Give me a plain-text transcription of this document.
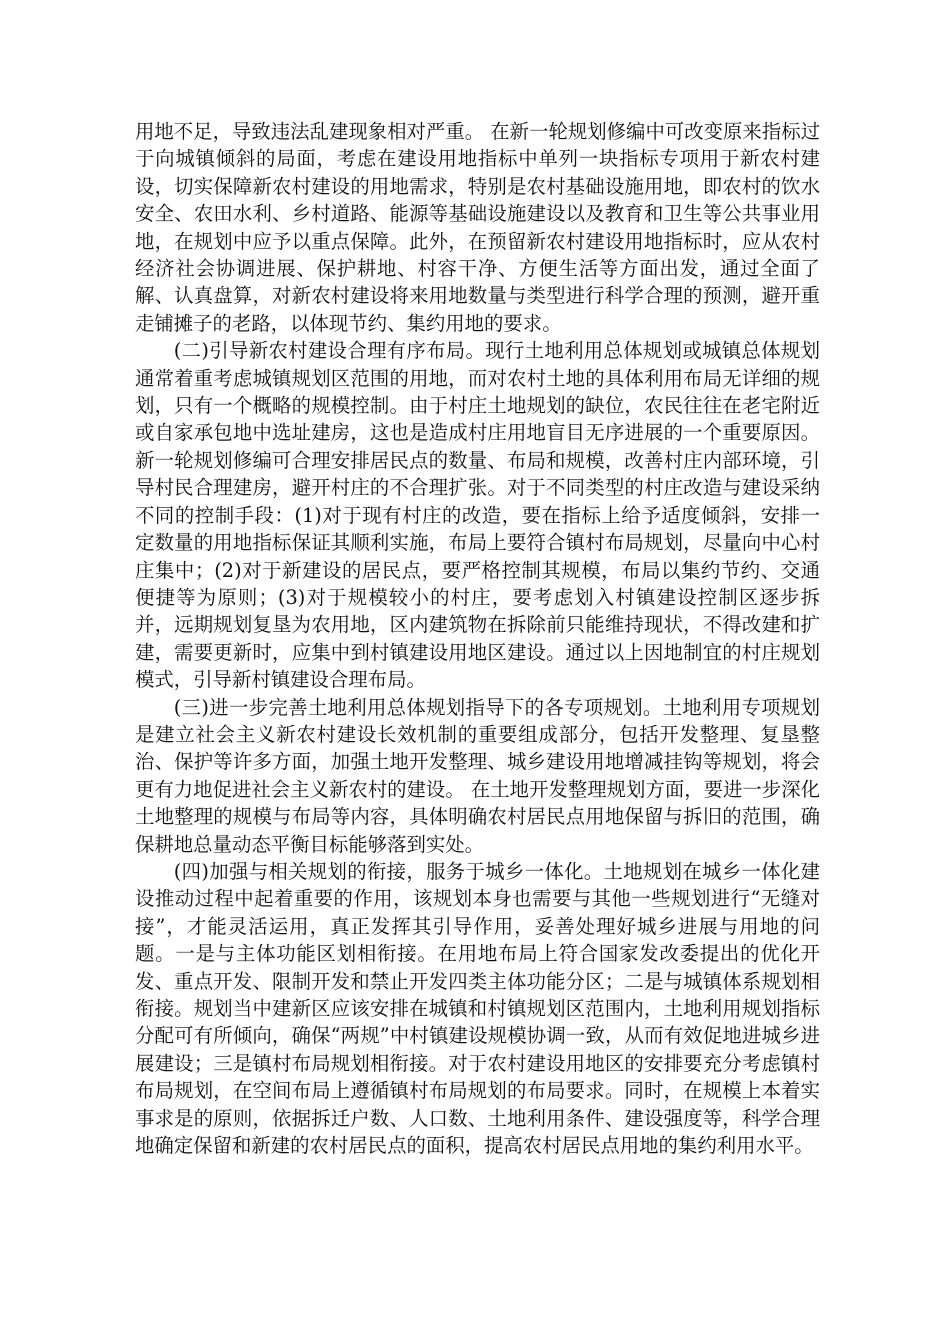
用地不足，导致违法乱建现象相对严重。 在新一轮规划修编中可改变原来指标过于向城镇倾斜的局面，考虑在建设用地指标中单列一块指标专项用于新农村建设，切实保障新农村建设的用地需求，特别是农村基础设施用地，即农村的饮水安全、农田水利、乡村道路、能源等基础设施建设以及教育和卫生等公共事业用地，在规划中应予以重点保障。此外，在预留新农村建设用地指标时，应从农村经济社会协调进展、保护耕地、村容干净、方便生活等方面出发，通过全面了解、认真盘算，对新农村建设将来用地数量与类型进行科学合理的预测，避开重走铺摊子的老路，以体现节约、集约用地的要求。

(二)引导新农村建设合理有序布局。现行土地利用总体规划或城镇总体规划通常着重考虑城镇规划区范围的用地，而对农村土地的具体利用布局无详细的规划，只有一个概略的规模控制。由于村庄土地规划的缺位，农民往往在老宅附近或自家承包地中选址建房，这也是造成村庄用地盲目无序进展的一个重要原因。 新一轮规划修编可合理安排居民点的数量、布局和规模，改善村庄内部环境，引导村民合理建房，避开村庄的不合理扩张。对于不同类型的村庄改造与建设采纳不同的控制手段：(1)对于现有村庄的改造，要在指标上给予适度倾斜，安排一定数量的用地指标保证其顺利实施，布局上要符合镇村布局规划，尽量向中心村庄集中；(2)对于新建设的居民点，要严格控制其规模，布局以集约节约、交通便捷等为原则；(3)对于规模较小的村庄，要考虑划入村镇建设控制区逐步拆并，远期规划复垦为农用地，区内建筑物在拆除前只能维持现状，不得改建和扩建，需要更新时，应集中到村镇建设用地区建设。通过以上因地制宜的村庄规划模式，引导新村镇建设合理布局。

(三)进一步完善土地利用总体规划指导下的各专项规划。土地利用专项规划是建立社会主义新农村建设长效机制的重要组成部分，包括开发整理、复垦整治、保护等许多方面，加强土地开发整理、城乡建设用地增减挂钩等规划，将会更有力地促进社会主义新农村的建设。 在土地开发整理规划方面，要进一步深化土地整理的规模与布局等内容，具体明确农村居民点用地保留与拆旧的范围，确保耕地总量动态平衡目标能够落到实处。

(四)加强与相关规划的衔接，服务于城乡一体化。土地规划在城乡一体化建设推动过程中起着重要的作用，该规划本身也需要与其他一些规划进行“无缝对接”，才能灵活运用，真正发挥其引导作用，妥善处理好城乡进展与用地的问题。一是与主体功能区划相衔接。在用地布局上符合国家发改委提出的优化开发、重点开发、限制开发和禁止开发四类主体功能分区；二是与城镇体系规划相衔接。规划当中建新区应该安排在城镇和村镇规划区范围内，土地利用规划指标分配可有所倾向，确保“两规”中村镇建设规模协调一致，从而有效促地进城乡进展建设；三是镇村布局规划相衔接。对于农村建设用地区的安排要充分考虑镇村布局规划，在空间布局上遵循镇村布局规划的布局要求。同时，在规模上本着实事求是的原则，依据拆迁户数、人口数、土地利用条件、建设强度等，科学合理地确定保留和新建的农村居民点的面积，提高农村居民点用地的集约利用水平。
